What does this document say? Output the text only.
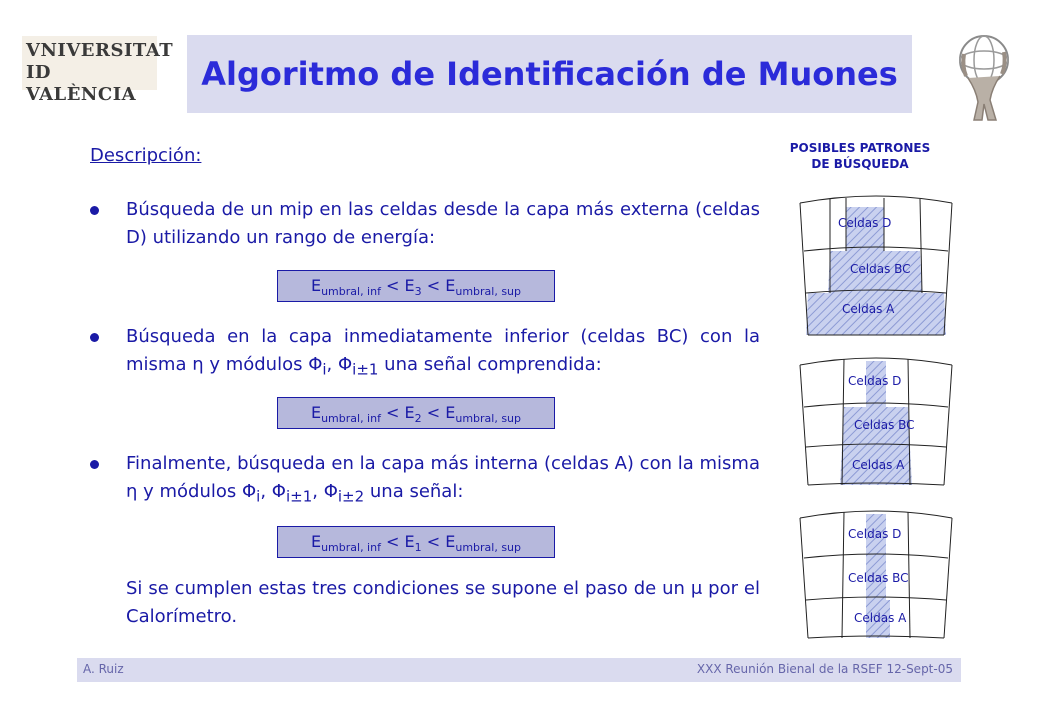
VNIVERSITAT
ID VALÈNCIA
Algoritmo de Identificación de Muones

Descripción:

Búsqueda de un mip en las celdas desde la capa más externa (celdas D) utilizando un rango de energía:
$E_{umbral, inf} < E_3 < E_{umbral, sup}$
Búsqueda en la capa inmediatamente inferior (celdas BC) con la misma η y módulos $\Phi_i$, $\Phi_{i\pm 1}$ una señal comprendida:
$E_{umbral, inf} < E_2 < E_{umbral, sup}$
Finalmente, búsqueda en la capa más interna (celdas A) con la misma η y módulos $\Phi_i$, $\Phi_{i\pm 1}$, $\Phi_{i\pm 2}$ una señal:
$E_{umbral, inf} < E_1 < E_{umbral, sup}$
Si se cumplen estas tres condiciones se supone el paso de un μ por el Calorímetro.
POSIBLES PATRONES
DE BÚSQUEDA
Celdas D
Celdas BC
Celdas A
Celdas D
Celdas BC
Celdas A
Celdas D
Celdas BC
Celdas A
A. Ruiz	XXX Reunión Bienal de la RSEF 12-Sept-05
